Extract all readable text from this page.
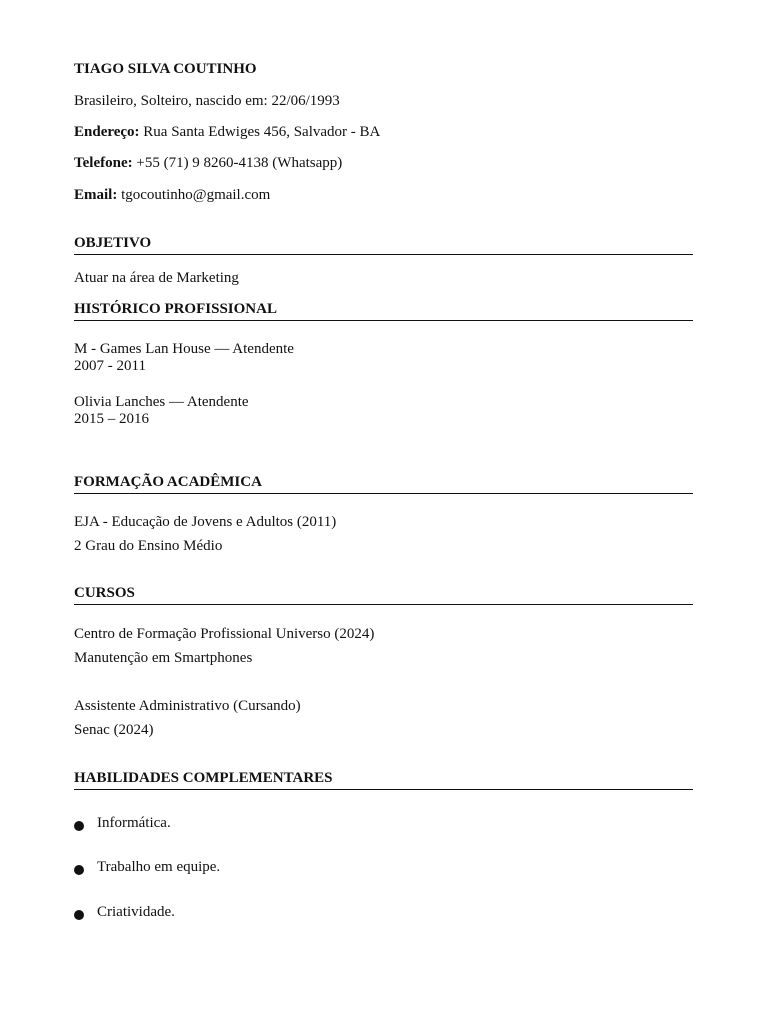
TIAGO SILVA COUTINHO
Brasileiro, Solteiro, nascido em: 22/06/1993
Endereço: Rua Santa Edwiges 456, Salvador - BA
Telefone: +55 (71) 9 8260-4138 (Whatsapp)
Email: tgocoutinho@gmail.com
OBJETIVO
Atuar na área de Marketing
HISTÓRICO PROFISSIONAL
M - Games Lan House — Atendente
2007 - 2011
Olivia Lanches — Atendente
2015 – 2016
FORMAÇÃO ACADÊMICA
EJA - Educação de Jovens e Adultos (2011)
2 Grau do Ensino Médio
CURSOS
Centro de Formação Profissional Universo (2024)
Manutenção em Smartphones
Assistente Administrativo (Cursando)
Senac (2024)
HABILIDADES COMPLEMENTARES
Informática.
Trabalho em equipe.
Criatividade.
